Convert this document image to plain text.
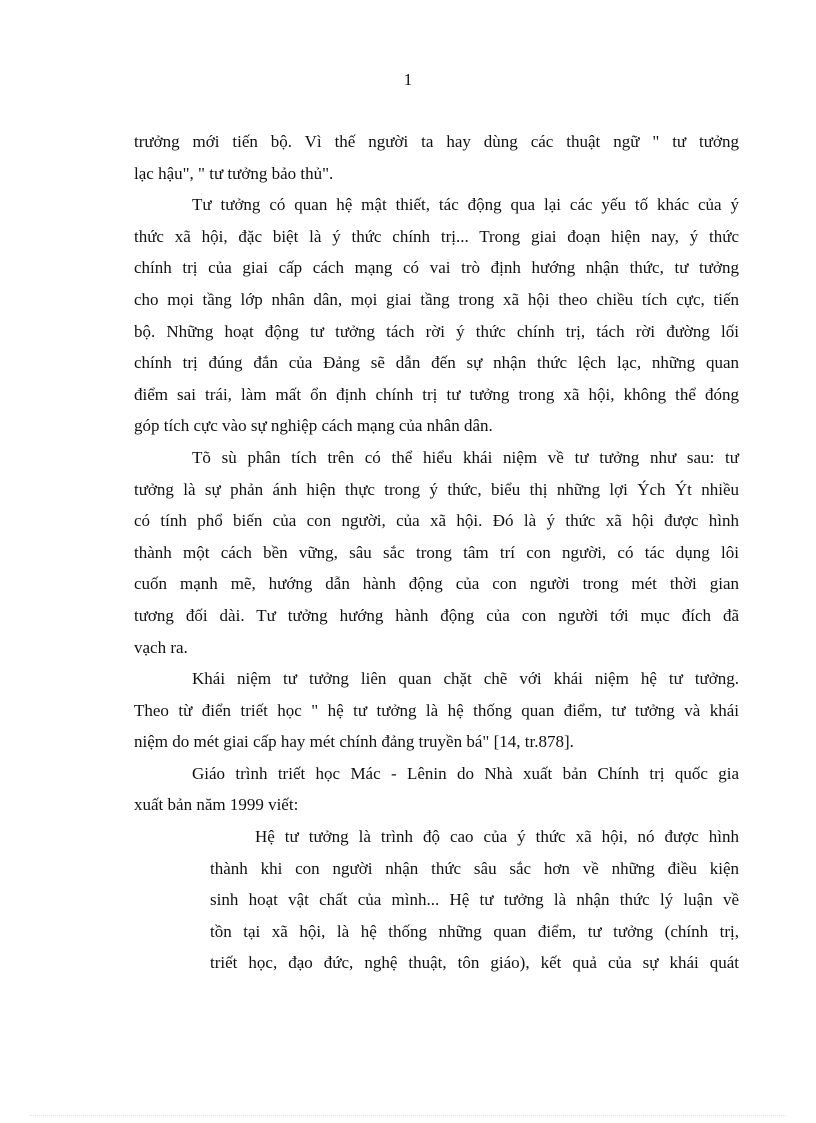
1
trưởng mới tiến bộ. Vì thế người ta hay dùng các thuật ngữ " tư tưởng
lạc hậu", " tư tưởng bảo thủ".
Tư tưởng có quan hệ mật thiết, tác động qua lại các yếu tố khác của ý
thức xã hội, đặc biệt là ý thức chính trị... Trong giai đoạn hiện nay, ý thức
chính trị của giai cấp cách mạng có vai trò định hướng nhận thức, tư tưởng
cho mọi tầng lớp nhân dân, mọi giai tầng trong xã hội theo chiều tích cực, tiến
bộ. Những hoạt động tư tưởng tách rời ý thức chính trị, tách rời đường lối
chính trị đúng đắn của Đảng sẽ dẫn đến sự nhận thức lệch lạc, những quan
điểm sai trái, làm mất ổn định chính trị tư tưởng trong xã hội, không thể đóng
góp tích cực vào sự nghiệp cách mạng của nhân dân.
Tõ sù phân tích trên có thể hiểu khái niệm về tư tưởng như sau: tư
tưởng là sự phản ánh hiện thực trong ý thức, biểu thị những lợi Ých Ýt nhiều
có tính phổ biến của con người, của xã hội. Đó là ý thức xã hội được hình
thành một cách bền vững, sâu sắc trong tâm trí con người, có tác dụng lôi
cuốn mạnh mẽ, hướng dẫn hành động của con người trong mét thời gian
tương đối dài. Tư tưởng hướng hành động của con người tới mục đích đã
vạch ra.
Khái niệm tư tưởng liên quan chặt chẽ với khái niệm hệ tư tưởng.
Theo từ điển triết học " hệ tư tưởng là hệ thống quan điểm, tư tưởng và khái
niệm do mét giai cấp hay mét chính đảng truyền bá" [14, tr.878].
Giáo trình triết học Mác - Lênin do Nhà xuất bản Chính trị quốc gia
xuất bản năm 1999 viết:
Hệ tư tưởng là trình độ cao của ý thức xã hội, nó được hình
thành khi con người nhận thức sâu sắc hơn về những điều kiện
sinh hoạt vật chất của mình... Hệ tư tưởng là nhận thức lý luận về
tồn tại xã hội, là hệ thống những quan điểm, tư tưởng (chính trị,
triết học, đạo đức, nghệ thuật, tôn giáo), kết quả của sự khái quát
